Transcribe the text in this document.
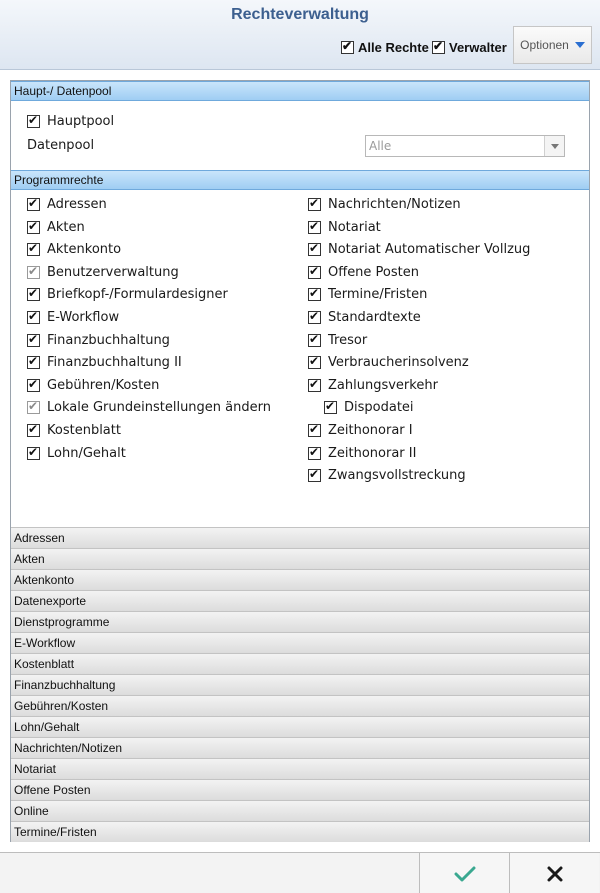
Rechteverwaltung
✔
Alle Rechte
✔ Verwalter Optionen
Haupt-/ Datenpool
✔
Hauptpool
Datenpool	Alle
Programmrechte
Adressen
Akten
Aktenkonto
Datenexporte
Dienstprogramme
E-Workflow
Kostenblatt
Finanzbuchhaltung
Gebühren/Kosten
Lohn/Gehalt
Nachrichten/Notizen
Notariat
Offene Posten
Online
Termine/Fristen
✔
Adressen
✔
Akten
✔
Aktenkonto
✔
Benutzerverwaltung
✔
Briefkopf-/Formulardesigner
✔
E-Workflow
✔
Finanzbuchhaltung
✔
Finanzbuchhaltung II
✔
Gebühren/Kosten
✔
Lokale Grundeinstellungen ändern
✔
Kostenblatt
✔
Lohn/Gehalt
✔
Nachrichten/Notizen
✔
Notariat
✔
Notariat Automatischer Vollzug
✔
Offene Posten
✔
Termine/Fristen
✔
Standardtexte
✔
Tresor
✔
Verbraucherinsolvenz
✔
Zahlungsverkehr
✔
Dispodatei
✔
Zeithonorar I
✔
Zeithonorar II
✔
Zwangsvollstreckung
